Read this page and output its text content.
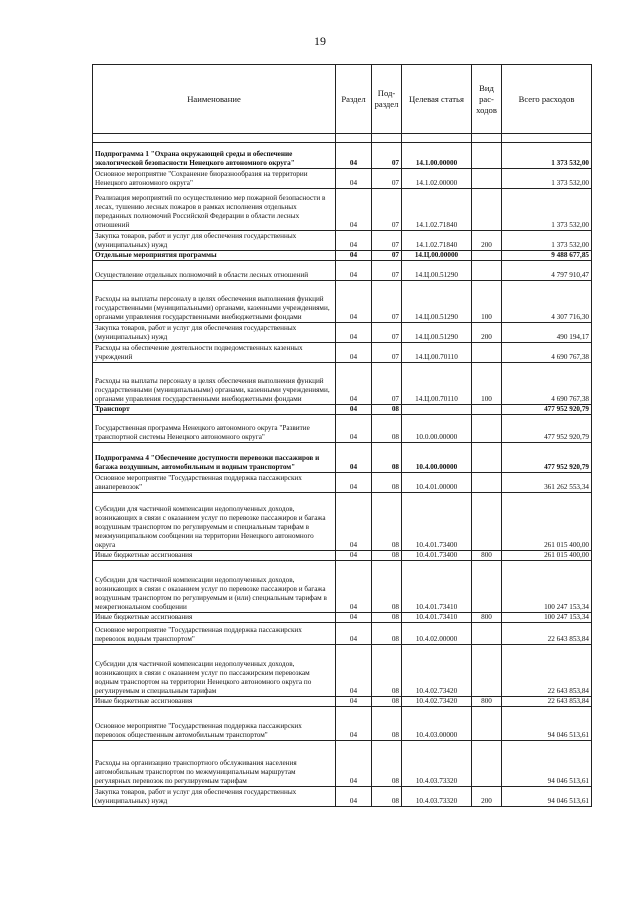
19
Наименование	Раздел	Под-раздел	Целевая статья	Вид рас-ходов	Всего расходов

Подпрограмма 1 "Охрана окружающей среды и обеспечение экологической безопасности Ненецкого автономного округа"	04	07	14.1.00.00000		1 373 532,00
Основное мероприятие "Сохранение биоразнообразия на территории Ненецкого автономного округа"	04	07	14.1.02.00000		1 373 532,00
Реализация мероприятий по осуществлению мер пожарной безопасности в лесах, тушению лесных пожаров в рамках исполнения отдельных переданных полномочий Российской Федерации в области лесных отношений	04	07	14.1.02.71840		1 373 532,00
Закупка товаров, работ и услуг для обеспечения государственных (муниципальных) нужд	04	07	14.1.02.71840	200	1 373 532,00
Отдельные мероприятия программы	04	07	14.Ц.00.00000		9 488 677,85
Осуществление отдельных полномочий в области лесных отношений	04	07	14.Ц.00.51290		4 797 910,47
Расходы на выплаты персоналу в целях обеспечения выполнения функций государственными (муниципальными) органами, казенными учреждениями, органами управления государственными внебюджетными фондами	04	07	14.Ц.00.51290	100	4 307 716,30
Закупка товаров, работ и услуг для обеспечения государственных (муниципальных) нужд	04	07	14.Ц.00.51290	200	490 194,17
Расходы на обеспечение деятельности подведомственных казенных учреждений	04	07	14.Ц.00.70110		4 690 767,38
Расходы на выплаты персоналу в целях обеспечения выполнения функций государственными (муниципальными) органами, казенными учреждениями, органами управления государственными внебюджетными фондами	04	07	14.Ц.00.70110	100	4 690 767,38
Транспорт	04	08			477 952 920,79
Государственная программа Ненецкого автономного округа "Развитие транспортной системы Ненецкого автономного округа"	04	08	10.0.00.00000		477 952 920,79
Подпрограмма 4 "Обеспечение доступности перевозки пассажиров и багажа воздушным, автомобильным и водным транспортом"	04	08	10.4.00.00000		477 952 920,79
Основное мероприятие "Государственная поддержка пассажирских авиаперевозок"	04	08	10.4.01.00000		361 262 553,34
Субсидии для частичной компенсации недополученных доходов, возникающих в связи с оказанием услуг по перевозке пассажиров и багажа воздушным транспортом по регулируемым и специальным тарифам в межмуниципальном сообщении на территории Ненецкого автономного округа	04	08	10.4.01.73400		261 015 400,00
Иные бюджетные ассигнования	04	08	10.4.01.73400	800	261 015 400,00
Субсидии для частичной компенсации недополученных доходов, возникающих в связи с оказанием услуг по перевозке пассажиров и багажа воздушным транспортом по регулируемым и (или) специальным тарифам в межрегиональном сообщении	04	08	10.4.01.73410		100 247 153,34
Иные бюджетные ассигнования	04	08	10.4.01.73410	800	100 247 153,34
Основное мероприятие "Государственная поддержка пассажирских перевозок водным транспортом"	04	08	10.4.02.00000		22 643 853,84
Субсидии для частичной компенсации недополученных доходов, возникающих в связи с оказанием услуг по пассажирским перевозкам водным транспортом на территории Ненецкого автономного округа по регулируемым и специальным тарифам	04	08	10.4.02.73420		22 643 853,84
Иные бюджетные ассигнования	04	08	10.4.02.73420	800	22 643 853,84
Основное мероприятие "Государственная поддержка пассажирских перевозок общественным автомобильным транспортом"	04	08	10.4.03.00000		94 046 513,61
Расходы на организацию транспортного обслуживания населения автомобильным транспортом по межмуниципальным маршрутам регулярных перевозок по регулируемым тарифам	04	08	10.4.03.73320		94 046 513,61
Закупка товаров, работ и услуг для обеспечения государственных (муниципальных) нужд	04	08	10.4.03.73320	200	94 046 513,61
